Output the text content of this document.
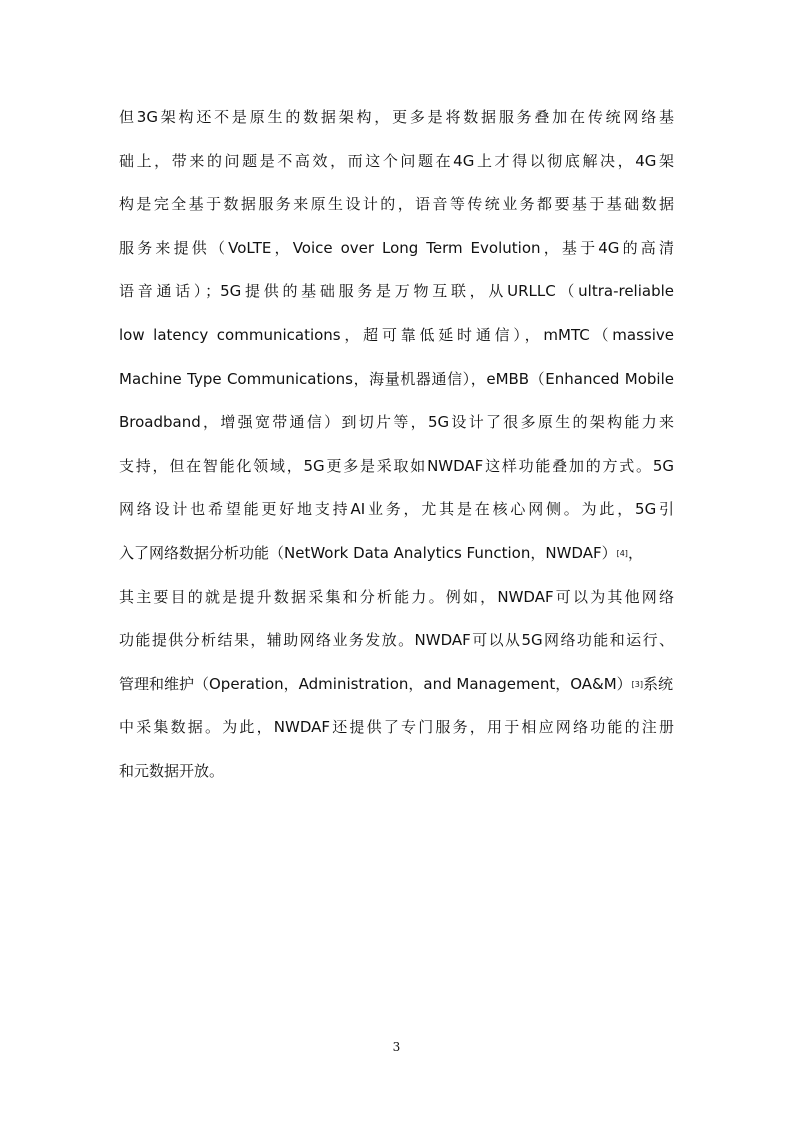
但3G架构还不是原生的数据架构，更多是将数据服务叠加在传统网络基
础上，带来的问题是不高效，而这个问题在4G上才得以彻底解决，4G架
构是完全基于数据服务来原生设计的，语音等传统业务都要基于基础数据
服务来提供（VoLTE，Voice over Long Term Evolution，基于4G的高清
语音通话）；5G提供的基础服务是万物互联，从URLLC（ultra-reliable
low latency communications，超可靠低延时通信），mMTC（massive
Machine Type Communications，海量机器通信），eMBB（Enhanced Mobile
Broadband，增强宽带通信）到切片等，5G设计了很多原生的架构能力来
支持，但在智能化领域，5G更多是采取如NWDAF这样功能叠加的方式。5G
网络设计也希望能更好地支持AI业务，尤其是在核心网侧。为此，5G引
入了网络数据分析功能（NetWork Data Analytics Function，NWDAF） [4] ，
其主要目的就是提升数据采集和分析能力。例如，NWDAF可以为其他网络
功能提供分析结果，辅助网络业务发放。NWDAF可以从5G网络功能和运行、
管理和维护（Operation，Administration，and Management，OA&M） [3] 系统
中采集数据。为此，NWDAF还提供了专门服务，用于相应网络功能的注册
和元数据开放。
3
